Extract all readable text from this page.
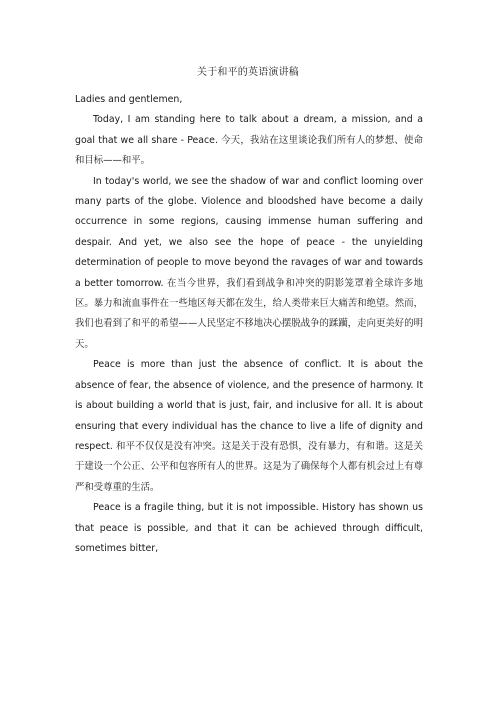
关于和平的英语演讲稿

Ladies and gentlemen,

Today, I am standing here to talk about a dream, a mission, and a goal that we all share - Peace. 今天，我站在这里谈论我们所有人的梦想、使命和目标——和平。

In today's world, we see the shadow of war and conflict looming over many parts of the globe. Violence and bloodshed have become a daily occurrence in some regions, causing immense human suffering and despair. And yet, we also see the hope of peace - the unyielding determination of people to move beyond the ravages of war and towards a better tomorrow. 在当今世界，我们看到战争和冲突的阴影笼罩着全球许多地区。暴力和流血事件在一些地区每天都在发生，给人类带来巨大痛苦和绝望。然而，我们也看到了和平的希望——人民坚定不移地决心摆脱战争的蹂躏，走向更美好的明天。

Peace is more than just the absence of conflict. It is about the absence of fear, the absence of violence, and the presence of harmony. It is about building a world that is just, fair, and inclusive for all. It is about ensuring that every individual has the chance to live a life of dignity and respect. 和平不仅仅是没有冲突。这是关于没有恐惧，没有暴力，有和谐。这是关于建设一个公正、公平和包容所有人的世界。这是为了确保每个人都有机会过上有尊严和受尊重的生活。

Peace is a fragile thing, but it is not impossible. History has shown us that peace is possible, and that it can be achieved through difficult, sometimes bitter,
